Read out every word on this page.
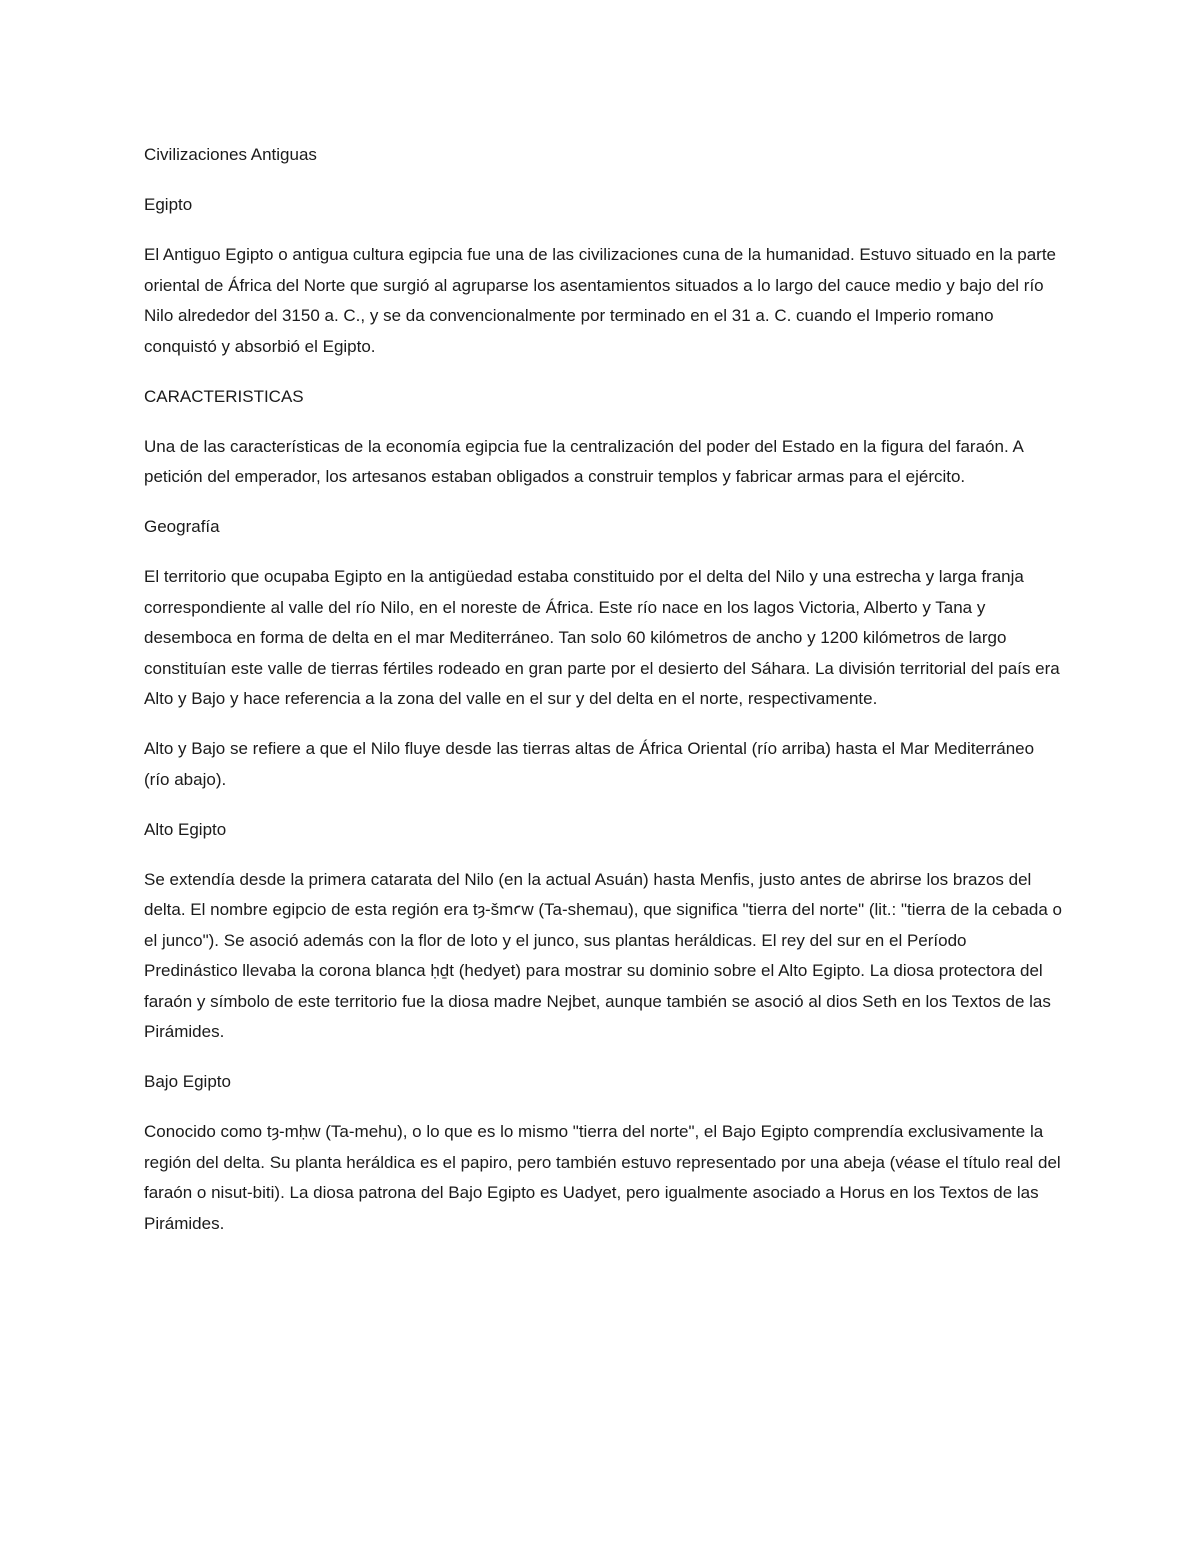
Civilizaciones Antiguas

Egipto

El Antiguo Egipto o antigua cultura egipcia fue una de las civilizaciones cuna de la humanidad. Estuvo situado en la parte oriental de África del Norte que surgió al agruparse los asentamientos situados a lo largo del cauce medio y bajo del río Nilo alrededor del 3150 a. C., y se da convencionalmente por terminado en el 31 a. C. cuando el Imperio romano conquistó y absorbió el Egipto.

CARACTERISTICAS

Una de las características de la economía egipcia fue la centralización del poder del Estado en la figura del faraón. A petición del emperador, los artesanos estaban obligados a construir templos y fabricar armas para el ejército.

Geografía

El territorio que ocupaba Egipto en la antigüedad estaba constituido por el delta del Nilo y una estrecha y larga franja correspondiente al valle del río Nilo, en el noreste de África. Este río nace en los lagos Victoria, Alberto y Tana y desemboca en forma de delta en el mar Mediterráneo. Tan solo 60 kilómetros de ancho y 1200 kilómetros de largo constituían este valle de tierras fértiles rodeado en gran parte por el desierto del Sáhara. La división territorial del país era Alto y Bajo y hace referencia a la zona del valle en el sur y del delta en el norte, respectivamente.

Alto y Bajo se refiere a que el Nilo fluye desde las tierras altas de África Oriental (río arriba) hasta el Mar Mediterráneo (río abajo).

Alto Egipto

Se extendía desde la primera catarata del Nilo (en la actual Asuán) hasta Menfis, justo antes de abrirse los brazos del delta. El nombre egipcio de esta región era tȝ-šmꜥw (Ta-shemau), que significa "tierra del norte" (lit.: "tierra de la cebada o el junco"). Se asoció además con la flor de loto y el junco, sus plantas heráldicas. El rey del sur en el Período Predinástico llevaba la corona blanca ḥḏt (hedyet) para mostrar su dominio sobre el Alto Egipto. La diosa protectora del faraón y símbolo de este territorio fue la diosa madre Nejbet, aunque también se asoció al dios Seth en los Textos de las Pirámides.

Bajo Egipto

Conocido como tȝ-mḥw (Ta-mehu), o lo que es lo mismo "tierra del norte", el Bajo Egipto comprendía exclusivamente la región del delta. Su planta heráldica es el papiro, pero también estuvo representado por una abeja (véase el título real del faraón o nisut-biti). La diosa patrona del Bajo Egipto es Uadyet, pero igualmente asociado a Horus en los Textos de las Pirámides.
